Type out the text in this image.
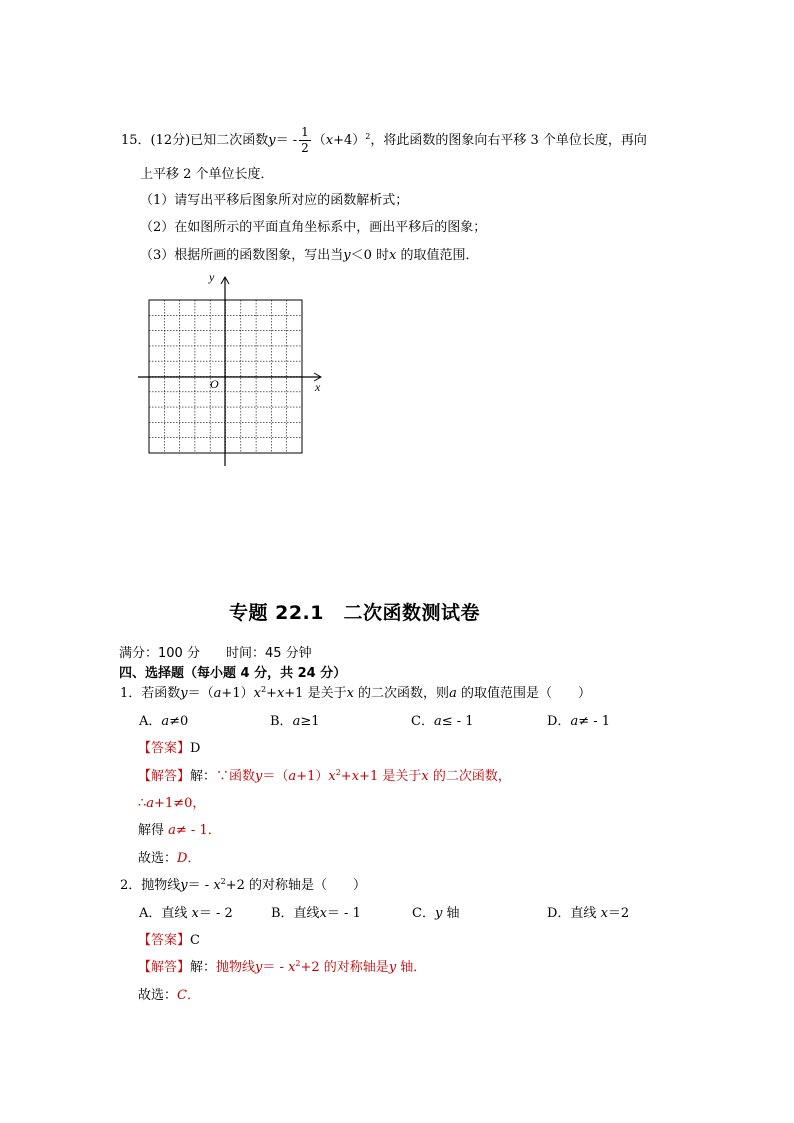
15．(12分)已知二次函数$y= - \frac{1}{2} (x+4)^2$，将此函数的图象向右平移 3 个单位长度，再向
上平移 2 个单位长度．
（1）请写出平移后图象所对应的函数解析式；
（2）在如图所示的平面直角坐标系中，画出平移后的图象；
（3）根据所画的函数图象，写出当y＜0 时x 的取值范围．
y
x
O
专题 22.1　二次函数测试卷
满分：100 分　　时间：45 分钟
四、选择题（每小题 4 分，共 24 分）
1．若函数$y=(a+1)x^2+x+1$ 是关于x 的二次函数，则a 的取值范围是（　　）
A．a≠0	B．a≥1	C．a≤ - 1	D．a≠ - 1
【答案】D
【解答】解：∵函数$y=(a+1)x^2+x+1$ 是关于x 的二次函数，
∴a+1≠0，
解得 a≠ - 1．
故选：D．
2．抛物线$y= - x^2+2$ 的对称轴是（　　）
A．直线 x＝ - 2	B．直线x＝ - 1	C．y 轴	D．直线 x＝2
【答案】C
【解答】解：抛物线$y= - x^2+2$ 的对称轴是y 轴．
故选：C．
